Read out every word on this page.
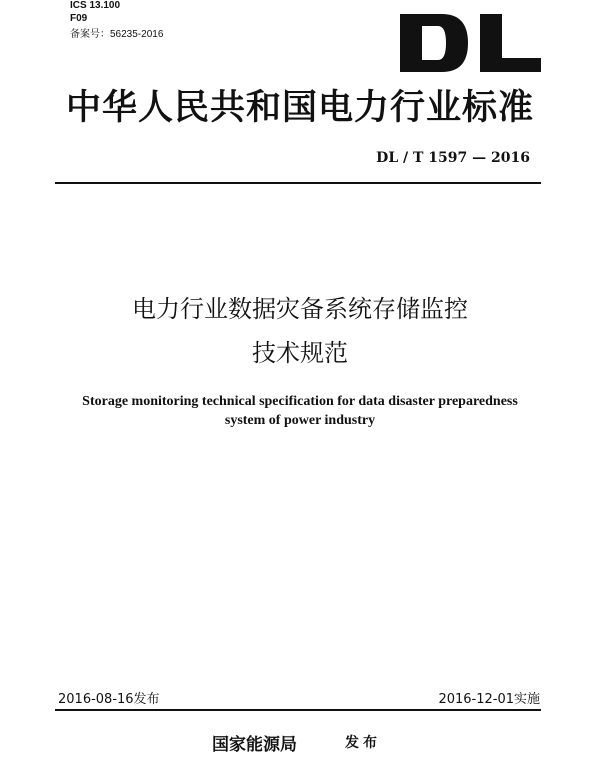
ICS 13.100
F09
备案号：56235-2016
中华人民共和国电力行业标准
DL / T 1597 — 2016
电力行业数据灾备系统存储监控
技术规范
Storage monitoring technical specification for data disaster preparedness
system of power industry
2016-08-16发布	2016-12-01实施
国家能源局	发布
